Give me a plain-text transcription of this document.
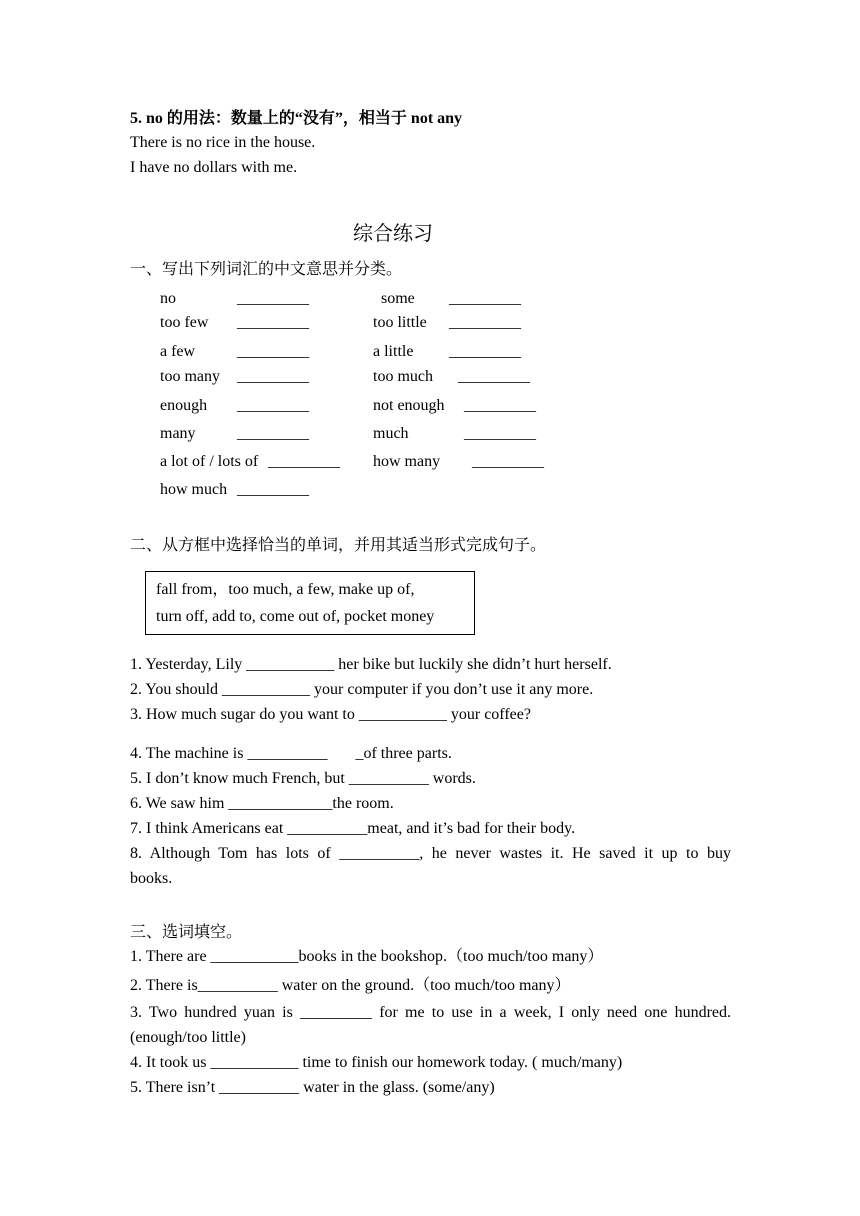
5. no 的用法：数量上的“没有”，相当于 not any
There is no rice in the house.
I have no dollars with me.
综合练习
一、写出下列词汇的中文意思并分类。
no	_________	some _________
too few _________	too little _________
a few	_________	a little _________
too many _________	too much _________
enough _________	not enough _________
many	_________	much	_________
a lot of / lots of _________ how many _________
how much _________
二、从方框中选择恰当的单词，并用其适当形式完成句子。
fall from，too much, a few, make up of,
turn off, add to, come out of, pocket money
1. Yesterday, Lily ___________ her bike but luckily she didn’t hurt herself.
2. You should ___________ your computer if you don’t use it any more.
3. How much sugar do you want to ___________ your coffee?
4. The machine is __________       _of three parts.
5. I don’t know much French, but __________ words.
6. We saw him _____________the room.
7. I think Americans eat __________meat, and it’s bad for their body.
8. Although Tom has lots of __________, he never wastes it. He saved it up to buy
books.
三、选词填空。
1. There are ___________books in the bookshop.（too much/too many）
2. There is__________ water on the ground.（too much/too many）
3. Two hundred yuan is _________ for me to use in a week, I only need one hundred.
(enough/too little)
4. It took us ___________ time to finish our homework today. ( much/many)
5. There isn’t __________ water in the glass. (some/any)
